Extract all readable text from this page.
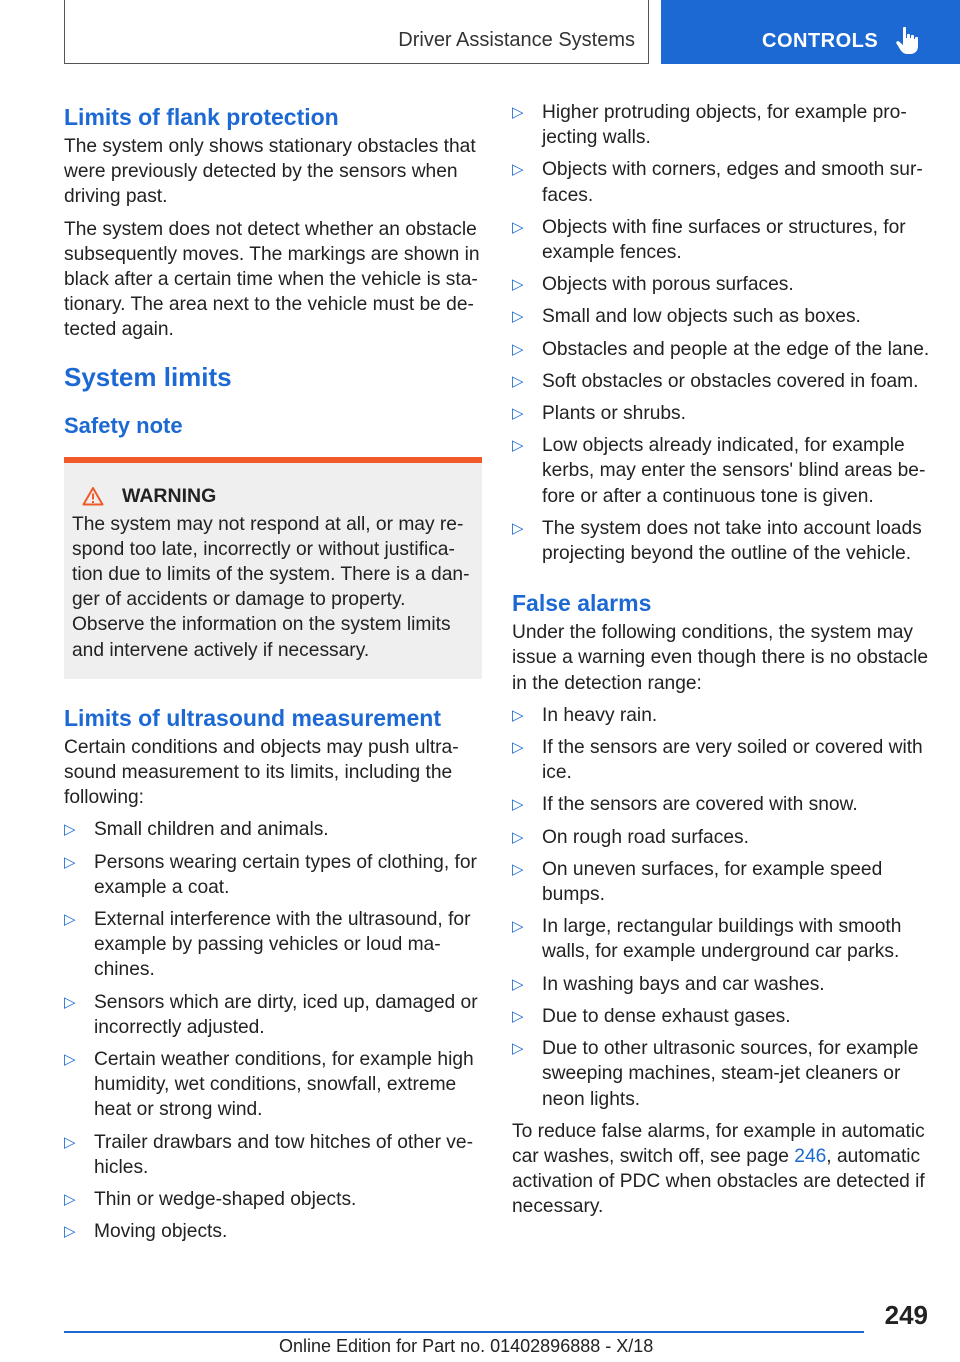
Driver Assistance Systems	CONTROLS
Limits of flank protection

The system only shows stationary obstacles that were previously detected by the sensors when driving past.

The system does not detect whether an obstacle subsequently moves. The markings are shown in black after a certain time when the vehicle is stationary. The area next to the vehicle must be detected again.

System limits
Safety note
WARNING

The system may not respond at all, or may respond too late, incorrectly or without justification due to limits of the system. There is a danger of accidents or damage to property. Observe the information on the system limits and intervene actively if necessary.

Limits of ultrasound measurement

Certain conditions and objects may push ultrasound measurement to its limits, including the following:

▷ Small children and animals.
▷ Persons wearing certain types of clothing, for example a coat.
▷ External interference with the ultrasound, for example by passing vehicles or loud machines.
▷ Sensors which are dirty, iced up, damaged or incorrectly adjusted.
▷ Certain weather conditions, for example high humidity, wet conditions, snowfall, extreme heat or strong wind.
▷ Trailer drawbars and tow hitches of other vehicles.
▷ Thin or wedge-shaped objects.
▷ Moving objects.
▷ Higher protruding objects, for example projecting walls.
▷ Objects with corners, edges and smooth surfaces.
▷ Objects with fine surfaces or structures, for example fences.
▷ Objects with porous surfaces.
▷ Small and low objects such as boxes.
▷ Obstacles and people at the edge of the lane.
▷ Soft obstacles or obstacles covered in foam.
▷ Plants or shrubs.
▷ Low objects already indicated, for example kerbs, may enter the sensors' blind areas before or after a continuous tone is given.
▷ The system does not take into account loads projecting beyond the outline of the vehicle.
False alarms

Under the following conditions, the system may issue a warning even though there is no obstacle in the detection range:

▷ In heavy rain.
▷ If the sensors are very soiled or covered with ice.
▷ If the sensors are covered with snow.
▷ On rough road surfaces.
▷ On uneven surfaces, for example speed bumps.
▷ In large, rectangular buildings with smooth walls, for example underground car parks.
▷ In washing bays and car washes.
▷ Due to dense exhaust gases.
▷ Due to other ultrasonic sources, for example sweeping machines, steam-jet cleaners or neon lights.

To reduce false alarms, for example in automatic car washes, switch off, see page 246, automatic activation of PDC when obstacles are detected if necessary.

249
Online Edition for Part no. 01402896888 - X/18
